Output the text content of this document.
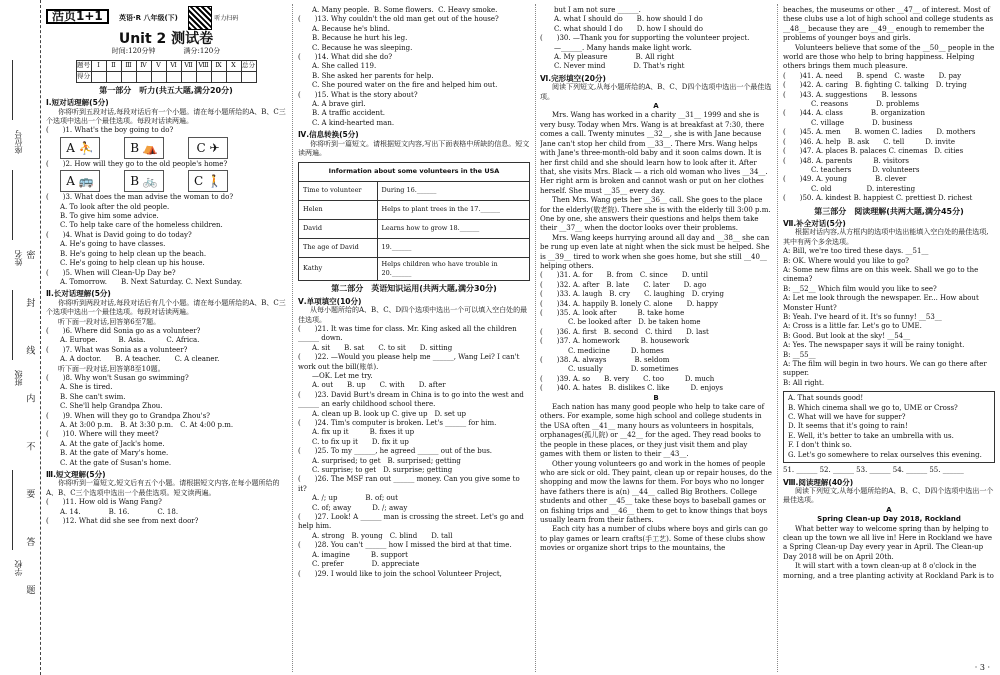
学校
班级
姓名
座位号
密 封 线 内 不 要 答 题
活页1+1 英语·R 八年级(下)	听力扫码
Unit 2 测试卷

时间:120分钟　　　　满分:120分

题号	Ⅰ	Ⅱ	Ⅲ	Ⅳ	Ⅴ	Ⅵ	Ⅶ	Ⅷ	Ⅸ	Ⅹ	总分
得分											

第一部分　听力(共五大题,满分20分)

Ⅰ.短对话理解(5分)

你将听到五段对话,每段对话后有一个小题。请在每小题所给的A、B、C三个选项中选出一个最佳选项。每段对话读两遍。

(　　)1. What's the boy going to do?

A ⛹	B ⛺	C ✈

(　　)2. How will they go to the old people's home?

A 🚌	B 🚲	C 🚶

(　　)3. What does the man advise the woman to do?

A. To look after the old people.

B. To give him some advice.

C. To help take care of the homeless children.

(　　)4. What is David going to do today?

A. He's going to have classes.

B. He's going to help clean up the beach.

C. He's going to help clean up his house.

(　　)5. When will Clean-Up Day be?

A. Tomorrow.　　B. Next Saturday. C. Next Sunday.

Ⅱ.长对话理解(5分)

你将听到两段对话,每段对话后有几个小题。请在每小题所给的A、B、C三个选项中选出一个最佳选项。每段对话读两遍。

听下面一段对话,回答第6至7题。

(　　)6. Where did Sonia go as a volunteer?

A. Europe.　　　B. Asia.　　　C. Africa.

(　　)7. What was Sonia as a volunteer?

A. A doctor.　　B. A teacher.　　C. A cleaner.

听下面一段对话,回答第8至10题。

(　　)8. Why won't Susan go swimming?

A. She is tired.

B. She can't swim.

C. She'll help Grandpa Zhou.

(　　)9. When will they go to Grandpa Zhou's?

A. At 3:00 p.m.　B. At 3:30 p.m.　C. At 4:00 p.m.

(　　)10. Where will they meet?

A. At the gate of Jack's home.

B. At the gate of Mary's home.

C. At the gate of Susan's home.

Ⅲ.短文理解(5分)

你将听到一篇短文,短文后有五个小题。请根据短文内容,在每小题所给的A、B、C三个选项中选出一个最佳选项。短文读两遍。

(　　)11. How old is Wang Fang?

A. 14.　　　　B. 16.　　　　C. 18.

(　　)12. What did she see from next door?

A. Many people.  B. Some flowers.  C. Heavy smoke.

(　　)13. Why couldn't the old man get out of the house?

A. Because he's blind.

B. Because he hurt his leg.

C. Because he was sleeping.

(　　)14. What did she do?

A. She called 119.

B. She asked her parents for help.

C. She poured water on the fire and helped him out.

(　　)15. What is the story about?

A. A brave girl.

B. A traffic accident.

C. A kind-hearted man.

Ⅳ.信息转换(5分)

你将听到一篇短文。请根据短文内容,写出下面表格中所缺的信息。短文读两遍。

Information about some volunteers in the USA	
Time to volunteer	During 16.______
Helen	Helps to plant trees in the 17.______
David	Learns how to grow 18.______
The age of David	19.______
Kathy	Helps children who have trouble in 20.______

第二部分　英语知识运用(共两大题,满分30分)

Ⅴ.单项填空(10分)

从每小题所给的A、B、C、D四个选项中选出一个可以填入空白处的最佳选项。

(　　)21. It was time for class. Mr. King asked all the children ______ down.

A. sit　　B. sat　　C. to sit　　D. sitting

(　　)22. —Would you please help me ______, Wang Lei? I can't work out the bill(账单).

—OK. Let me try.

A. out　　B. up　　C. with　　D. after

(　　)23. David Burt's dream in China is to go into the west and ______ an early childhood school there.

A. clean up B. look up C. give up　D. set up

(　　)24. Tim's computer is broken. Let's ______ for him.

A. fix up it　　　B. fixes it up

C. to fix up it　　D. fix it up

(　　)25. To my ______, he agreed ______ out of the bus.

A. surprised; to get　B. surprised; getting

C. surprise; to get　D. surprise; getting

(　　)26. The MSF ran out ______ money. Can you give some to it?

A. /; up　　　　B. of; out

C. of; away　　　D. /; away

(　　)27. Look! A ______ man is crossing the street. Let's go and help him.

A. strong　B. young　C. blind　　D. tall

(　　)28. You can't ______ how I missed the bird at that time.

A. imagine　　　B. support

C. prefer　　　　D. appreciate

(　　)29. I would like to join the school Volunteer Project,

but I am not sure ______.

A. what I should do　　B. how should I do

C. what should I do　　D. how I should do

(　　)30. —Thank you for supporting the volunteer project.

—______. Many hands make light work.

A. My pleasure　　　　B. All right

C. Never mind　　　　D. That's right

Ⅵ.完形填空(20分)

阅读下列短文,从每小题所给的A、B、C、D四个选项中选出一个最佳选项。

A

Mrs. Wang has worked in a charity __31__ 1999 and she is very busy. Today when Mrs. Wang is at breakfast at 7:30, there comes a call. Twenty minutes __32__, she is with Jane because Jane can't stop her child from __33__. There Mrs. Wang helps with Jane's three-month-old baby and it soon calms down. It is her first child and she should learn how to look after it. After that, she visits Mrs. Black — a rich old woman who lives __34__. Her right arm is broken and cannot wash or put on her clothes herself. She must __35__ every day.

Then Mrs. Wang gets her __36__ call. She goes to the place for the elderly(敬老院). There she is with the elderly till 3:00 p.m. One by one, she answers their questions and helps them take their __37__ when the doctor looks over their problems.

Mrs. Wang keeps hurrying around all day and __38__ she can be rung up even late at night when the sick must be helped. She is __39__ tired to work when she goes home, but she still __40__ helping others.

(　　)31. A. for　　B. from　C. since　　D. until

(　　)32. A. after　B. late　　C. later　　D. ago

(　　)33. A. laugh　B. cry　　C. laughing　D. crying

(　　)34. A. happily B. lonely C. alone　　D. happy

(　　)35. A. look after　　　B. take home

　　C. be looked after　D. be taken home

(　　)36. A. first　B. second　C. third　　D. last

(　　)37. A. homework　　　B. housework

　　C. medicine　　　D. homes

(　　)38. A. always　　　　B. seldom

　　C. usually　　　　D. sometimes

(　　)39. A. so　　B. very　　C. too　　　D. much

(　　)40. A. hates　B. dislikes C. like　　　D. enjoys

B

Each nation has many good people who help to take care of others. For example, some high school and college students in the USA often __41__ many hours as volunteers in hospitals, orphanages(孤儿院) or __42__ for the aged. They read books to the people in these places, or they just visit them and play games with them or listen to their __43__.

Other young volunteers go and work in the homes of people who are sick or old. They paint, clean up or repair houses, do the shopping and mow the lawns for them. For boys who no longer have fathers there is a(n) __44__ called Big Brothers. College students and other __45__ take these boys to baseball games or on fishing trips and __46__ them to get to know things that boys usually learn from their fathers.

Each city has a number of clubs where boys and girls can go to play games or learn crafts(手工艺). Some of these clubs show movies or organize short trips to the mountains, the

beaches, the museums or other __47__ of interest. Most of these clubs use a lot of high school and college students as __48__ because they are __49__ enough to remember the problems of younger boys and girls.

Volunteers believe that some of the __50__ people in the world are those who help to bring happiness. Helping others brings them much pleasure.

(　　)41. A. need　　B. spend　C. waste　　D. pay

(　　)42. A. caring　B. fighting C. talking　D. trying

(　　)43. A. suggestions　　B. lessons

　　C. reasons　　　　D. problems

(　　)44. A. class　　　　B. organization

　　C. village　　　　D. business

(　　)45. A. men　　B. women C. ladies　　D. mothers

(　　)46. A. help　B. ask　　C. tell　　　D. invite

(　　)47. A. places B. palaces C. cinemas　D. cities

(　　)48. A. parents　　　B. visitors

　　C. teachers　　　D. volunteers

(　　)49. A. young　　　　B. clever

　　C. old　　　　　D. interesting

(　　)50. A. kindest B. happiest C. prettiest D. richest

第三部分　阅读理解(共两大题,满分45分)

Ⅶ.补全对话(5分)

根据对话内容,从方框内的选项中选出能填入空白处的最佳选项,其中有两个多余选项。

A: Bill, we're too tired these days. __51__

B: OK. Where would you like to go?

A: Some new films are on this week. Shall we go to the cinema?

B: __52__ Which film would you like to see?

A: Let me look through the newspaper. Er... How about Monster Hunt?

B: Yeah. I've heard of it. It's so funny! __53__

A: Cross is a little far. Let's go to UME.

B: Good. But look at the sky! __54__

A: Yes. The newspaper says it will be rainy tonight.

B: __55__

A: The film will begin in two hours. We can go there after supper.

B: All right.

A. That sounds good!

B. Which cinema shall we go to, UME or Cross?

C. What will we have for supper?

D. It seems that it's going to rain!

E. Well, it's better to take an umbrella with us.

F. I don't think so.

G. Let's go somewhere to relax ourselves this evening.

51. ______ 52. ______ 53. ______ 54. ______ 55. ______

Ⅷ.阅读理解(40分)

阅读下列短文,从每小题所给的A、B、C、D四个选项中选出一个最佳选项。

A

Spring Clean-up Day 2018, Rockland

What better way to welcome spring than by helping to clean up the town we all live in! Here in Rockland we have a Spring Clean-up Day every year in April. The Clean-up Day 2018 will be on April 20th.

It will start with a town clean-up at 8 o'clock in the morning, and a tree planting activity at Rockland Park is to

· 3 ·
